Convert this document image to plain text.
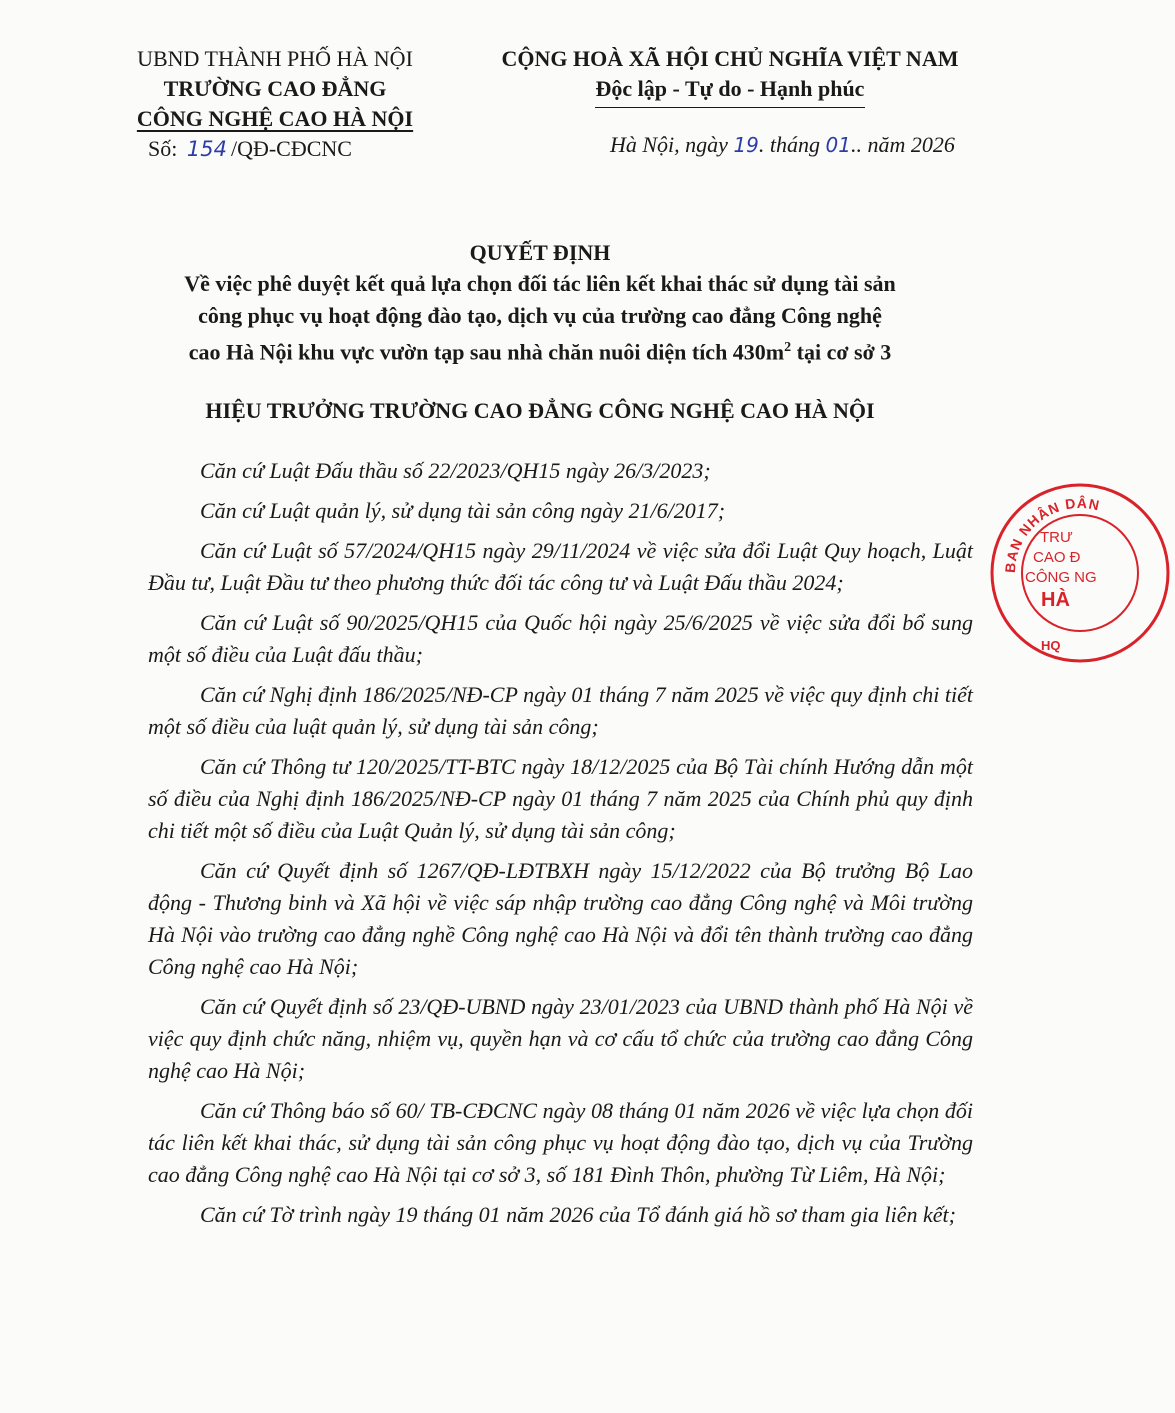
UBND THÀNH PHỐ HÀ NỘI
TRƯỜNG CAO ĐẲNG
CÔNG NGHỆ CAO HÀ NỘI
Số: 154 /QĐ-CĐCNC
CỘNG HOÀ XÃ HỘI CHỦ NGHĨA VIỆT NAM
Độc lập - Tự do - Hạnh phúc
Hà Nội, ngày 19. tháng 01.. năm 2026
QUYẾT ĐỊNH
Về việc phê duyệt kết quả lựa chọn đối tác liên kết khai thác sử dụng tài sản
công phục vụ hoạt động đào tạo, dịch vụ của trường cao đẳng Công nghệ
cao Hà Nội khu vực vườn tạp sau nhà chăn nuôi diện tích $430m^2$ tại cơ sở 3
HIỆU TRƯỞNG TRƯỜNG CAO ĐẲNG CÔNG NGHỆ CAO HÀ NỘI

Căn cứ Luật Đấu thầu số 22/2023/QH15 ngày 26/3/2023;

Căn cứ Luật quản lý, sử dụng tài sản công ngày 21/6/2017;

Căn cứ Luật số 57/2024/QH15 ngày 29/11/2024 về việc sửa đổi Luật Quy hoạch, Luật Đầu tư, Luật Đầu tư theo phương thức đối tác công tư và Luật Đấu thầu 2024;

Căn cứ Luật số 90/2025/QH15 của Quốc hội ngày 25/6/2025 về việc sửa đổi bổ sung một số điều của Luật đấu thầu;

Căn cứ Nghị định 186/2025/NĐ-CP ngày 01 tháng 7 năm 2025 về việc quy định chi tiết một số điều của luật quản lý, sử dụng tài sản công;

Căn cứ Thông tư 120/2025/TT-BTC ngày 18/12/2025 của Bộ Tài chính Hướng dẫn một số điều của Nghị định 186/2025/NĐ-CP ngày 01 tháng 7 năm 2025 của Chính phủ quy định chi tiết một số điều của Luật Quản lý, sử dụng tài sản công;

Căn cứ Quyết định số 1267/QĐ-LĐTBXH ngày 15/12/2022 của Bộ trưởng Bộ Lao động - Thương binh và Xã hội về việc sáp nhập trường cao đẳng Công nghệ và Môi trường Hà Nội vào trường cao đẳng nghề Công nghệ cao Hà Nội và đổi tên thành trường cao đẳng Công nghệ cao Hà Nội;

Căn cứ Quyết định số 23/QĐ-UBND ngày 23/01/2023 của UBND thành phố Hà Nội về việc quy định chức năng, nhiệm vụ, quyền hạn và cơ cấu tổ chức của trường cao đẳng Công nghệ cao Hà Nội;

Căn cứ Thông báo số 60/ TB-CĐCNC ngày 08 tháng 01 năm 2026 về việc lựa chọn đối tác liên kết khai thác, sử dụng tài sản công phục vụ hoạt động đào tạo, dịch vụ của Trường cao đẳng Công nghệ cao Hà Nội tại cơ sở 3, số 181 Đình Thôn, phường Từ Liêm, Hà Nội;

Căn cứ Tờ trình ngày 19 tháng 01 năm 2026 của Tổ đánh giá hồ sơ tham gia liên kết;

BAN NHÂN DÂN
HQ
TRƯ
CAO Đ
CÔNG NG
HÀ
